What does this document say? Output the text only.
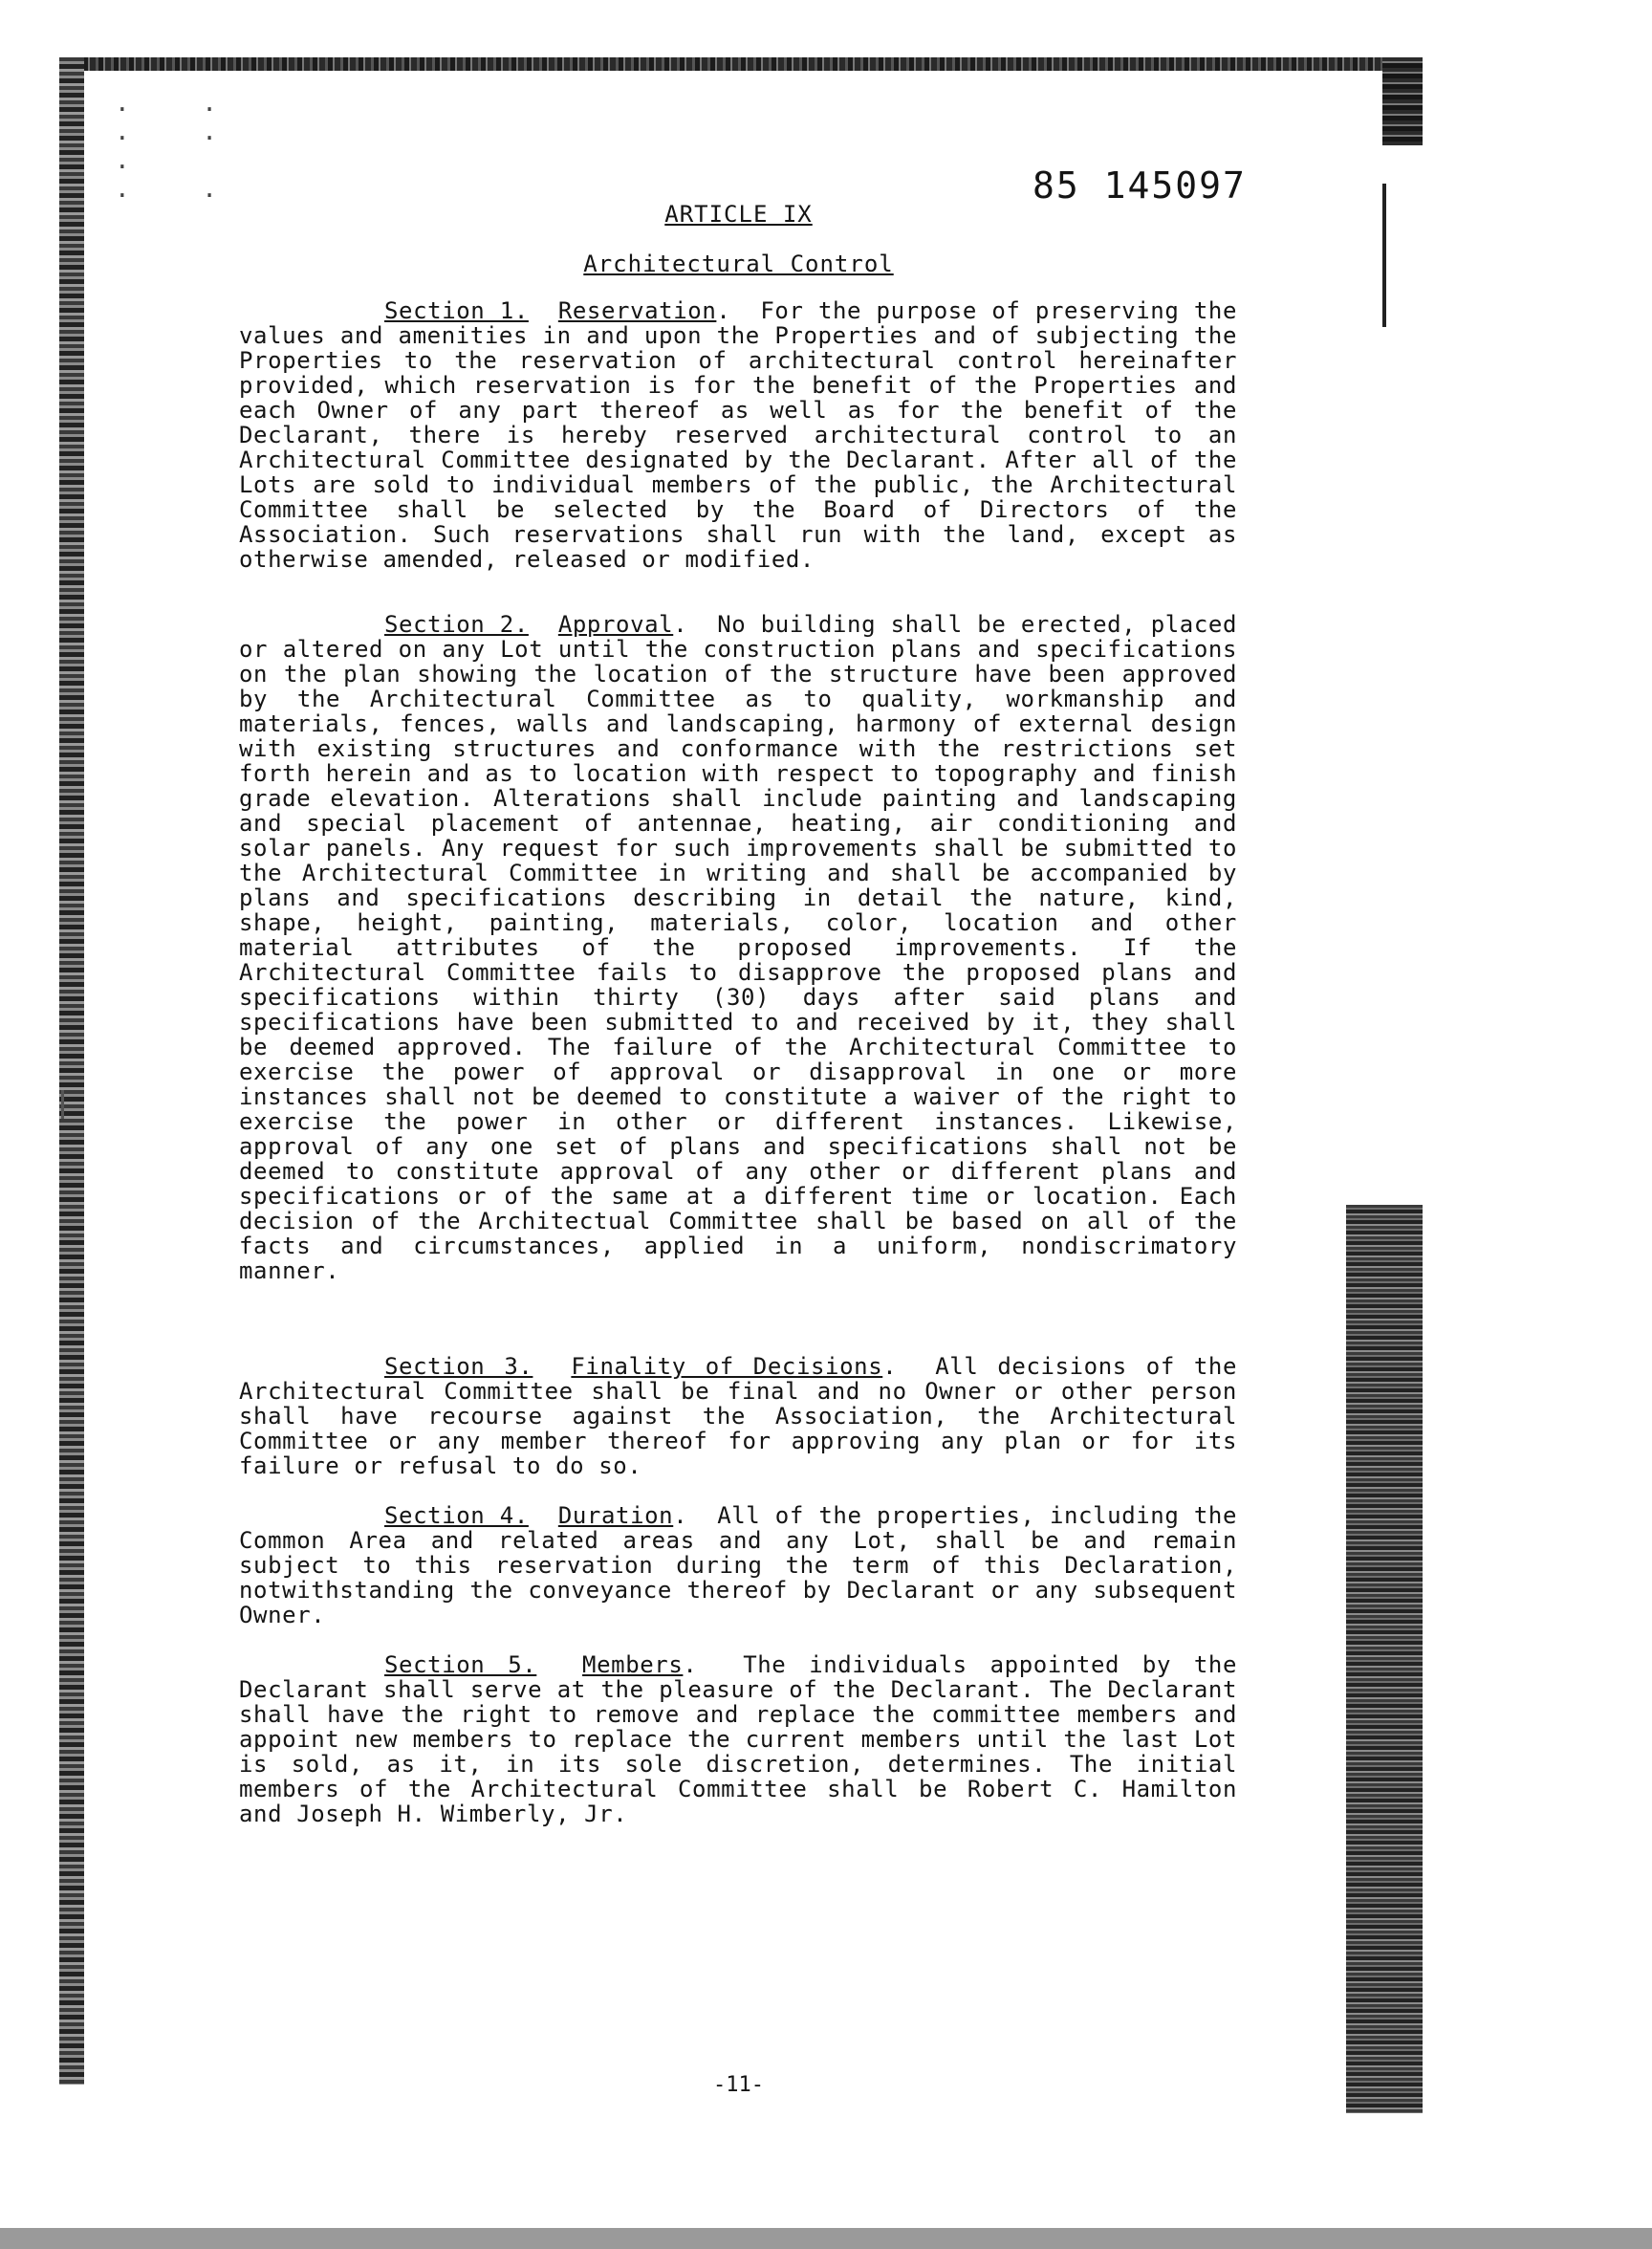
· · · · ·
· ·	85 145097
ARTICLE IX
Architectural Control

Section 1. Reservation.  For the purpose of preserving the values and amenities in and upon the Properties and of subjecting the Properties to the reservation of architectural control hereinafter provided, which reservation is for the benefit of the Properties and each Owner of any part thereof as well as for the benefit of the Declarant, there is hereby reserved architectural control to an Architectural Committee designated by the Declarant. After all of the Lots are sold to individual members of the public, the Architectural Committee shall be selected by the Board of Directors of the Association. Such reservations shall run with the land, except as otherwise amended, released or modified.

Section 2. Approval.  No building shall be erected, placed or altered on any Lot until the construction plans and specifications on the plan showing the location of the structure have been approved by the Architectural Committee as to quality, workmanship and materials, fences, walls and landscaping, harmony of external design with existing structures and conformance with the restrictions set forth herein and as to location with respect to topography and finish grade elevation. Alterations shall include painting and landscaping and special placement of antennae, heating, air conditioning and solar panels. Any request for such improvements shall be submitted to the Architectural Committee in writing and shall be accompanied by plans and specifications describing in detail the nature, kind, shape, height, painting, materials, color, location and other material attributes of the proposed improvements. If the Architectural Committee fails to disapprove the proposed plans and specifications within thirty (30) days after said plans and specifications have been submitted to and received by it, they shall be deemed approved. The failure of the Architectural Committee to exercise the power of approval or disapproval in one or more instances shall not be deemed to constitute a waiver of the right to exercise the power in other or different instances. Likewise, approval of any one set of plans and specifications shall not be deemed to constitute approval of any other or different plans and specifications or of the same at a different time or location. Each decision of the Architectual Committee shall be based on all of the facts and circumstances, applied in a uniform, nondiscrimatory manner.

Section 3. Finality of Decisions.  All decisions of the Architectural Committee shall be final and no Owner or other person shall have recourse against the Association, the Architectural Committee or any member thereof for approving any plan or for its failure or refusal to do so.

Section 4. Duration.  All of the properties, including the Common Area and related areas and any Lot, shall be and remain subject to this reservation during the term of this Declaration, notwithstanding the conveyance thereof by Declarant or any subsequent Owner.

Section 5. Members.  The individuals appointed by the Declarant shall serve at the pleasure of the Declarant. The Declarant shall have the right to remove and replace the committee members and appoint new members to replace the current members until the last Lot is sold, as it, in its sole discretion, determines. The initial members of the Architectural Committee shall be Robert C. Hamilton and Joseph H. Wimberly, Jr.

-11-
